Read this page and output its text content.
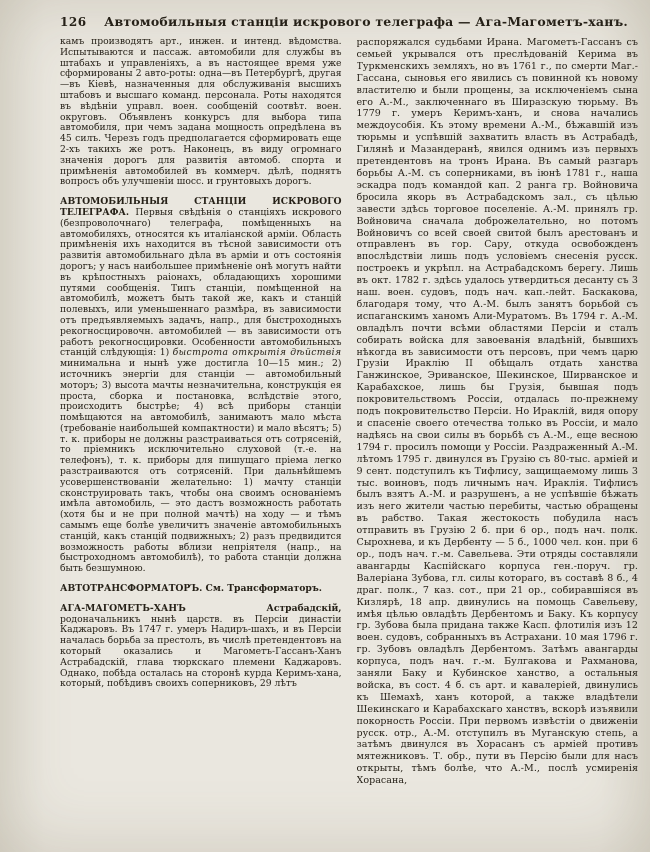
126	Автомобильныя станціи искрового телеграфа — Ага-Магометъ-ханъ.

камъ производятъ арт., инжен. и интенд. вѣдомства. Испытываются и пассаж. автомобили для службы въ штабахъ и управленіяхъ, а въ настоящее время уже сформированы 2 авто-роты: одна—въ Петербургѣ, другая—въ Кіевѣ, назначенныя для обслуживанія высшихъ штабовъ и высшаго команд. персонала. Роты находятся въ вѣдѣніи управл. воен. сообщеній соотвѣт. воен. округовъ. Объявленъ конкурсъ для выбора типа автомобиля, при чемъ задана мощность опредѣлена въ 45 силъ. Черезъ годъ предполагается сформировать еще 2-хъ такихъ же ротъ. Наконецъ, въ виду огромнаго значенія дорогъ для развитія автомоб. спорта и примѣненія автомобилей въ коммерч. дѣлѣ, поднятъ вопросъ объ улучшеніи шосс. и грунтовыхъ дорогъ.

АВТОМОБИЛЬНЫЯ СТАНЦІИ ИСКРОВОГО ТЕЛЕГРАФА. Первыя свѣдѣнія о станціяхъ искрового (безпроволочнаго) телеграфа, помѣщенныхъ на автомобиляхъ, относятся къ италіанской арміи. Область примѣненія ихъ находится въ тѣсной зависимости отъ развитія автомобильнаго дѣла въ арміи и отъ состоянія дорогъ; у насъ наибольшее примѣненіе онѣ могутъ найти въ крѣпостныхъ раіонахъ, обладающихъ хорошими путями сообщенія. Типъ станціи, помѣщенной на автомобилѣ, можетъ быть такой же, какъ и станцій полевыхъ, или уменьшеннаго размѣра, въ зависимости отъ предъявляемыхъ задачъ, напр., для быстроходныхъ рекогносцировочн. автомобилей — въ зависимости отъ работъ рекогносцировки. Особенности автомобильныхъ станцій слѣдующія: 1) быстрота открытія дѣйствія минимальна и нынѣ уже достигла 10—15 мин.; 2) источникъ энергіи для станціи — автомобильный моторъ; 3) высота мачты незначительна, конструкція ея проста, сборка и постановка, вслѣдствіе этого, происходитъ быстрѣе; 4) всѣ приборы станціи помѣщаются на автомобилѣ, занимаютъ мало мѣста (требованіе наибольшей компактности) и мало вѣсятъ; 5) т. к. приборы не должны разстраиваться отъ сотрясеній, то пріемникъ исключительно слуховой (т.-е. на телефонъ), т. к. приборы для пишущаго пріема легко разстраиваются отъ сотрясеній. При дальнѣйшемъ усовершенствованіи желательно: 1) мачту станціи сконструировать такъ, чтобы она своимъ основаніемъ имѣла автомобиль, — это дастъ возможность работать (хотя бы и не при полной мачтѣ) на ходу — и тѣмъ самымъ еще болѣе увеличитъ значеніе автомобильныхъ станцій, какъ станцій подвижныхъ; 2) разъ предвидится возможность работы вблизи непріятеля (напр., на быстроходномъ автомобилѣ), то работа станціи должна быть безшумною.

АВТОТРАНСФОРМАТОРЪ. См. Трансформаторъ.

АГА-МАГОМЕТЪ-ХАНЪ Астрабадскій, родоначальникъ нынѣ царств. въ Персіи династіи Каджаровъ. Въ 1747 г. умеръ Надиръ-шахъ, и въ Персіи началась борьба за престолъ, въ числѣ претендентовъ на который оказались и Магометъ-Гассанъ-Ханъ Астрабадскій, глава тюркскаго племени Каджаровъ. Однако, побѣда осталась на сторонѣ курда Керимъ-хана, который, побѣдивъ своихъ соперниковъ, 29 лѣтъ

распоряжался судьбами Ирана. Магометъ-Гассанъ съ семьей укрывался отъ преслѣдованій Керима въ Туркменскихъ земляхъ, но въ 1761 г., по смерти Маг.-Гассана, сыновья его явились съ повинной къ новому властителю и были прощены, за исключеніемъ сына его А.-М., заключеннаго въ Ширазскую тюрьму. Въ 1779 г. умеръ Керимъ-ханъ, и снова начались междоусобія. Къ этому времени А.-М., бѣжавшій изъ тюрьмы и успѣвшій захватить власть въ Астрабадѣ, Гилянѣ и Мазандеранѣ, явился однимъ изъ первыхъ претендентовъ на тронъ Ирана. Въ самый разгаръ борьбы А.-М. съ соперниками, въ іюнѣ 1781 г., наша эскадра подъ командой кап. 2 ранга гр. Войновича бросила якорь въ Астрабадскомъ зал., съ цѣлью завести здѣсь торговое поселеніе. А.-М. принялъ гр. Войновича сначала доброжелательно, но потомъ Войновичъ со всей своей свитой былъ арестованъ и отправленъ въ гор. Сару, откуда освобожденъ впослѣдствіи лишь подъ условіемъ снесенія русск. построекъ и укрѣпл. на Астрабадскомъ берегу. Лишь въ окт. 1782 г. здѣсь удалось утвердиться десанту съ 3 наш. воен. судовъ, подъ нач. кап.-лейт. Баскакова, благодаря тому, что А.-М. былъ занятъ борьбой съ испаганскимъ ханомъ Али-Муратомъ. Въ 1794 г. А.-М. овладѣлъ почти всѣми областями Персіи и сталъ собирать войска для завоеванія владѣній, бывшихъ нѣкогда въ зависимости отъ персовъ, при чемъ царю Грузіи Ираклію II обѣщалъ отдать ханства Ганжинское, Эриванское, Шекинское, Ширванское и Карабахское, лишь бы Грузія, бывшая подъ покровительствомъ Россіи, отдалась по-прежнему подъ покровительство Персіи. Но Ираклій, видя опору и спасеніе своего отечества только въ Россіи, и мало надѣясь на свои силы въ борьбѣ съ А.-М., еще весною 1794 г. просилъ помощи у Россіи. Раздраженный А.-М. лѣтомъ 1795 г. двинулся въ Грузію съ 80-тыс. арміей и 9 сент. подступилъ къ Тифлису, защищаемому лишь 3 тыс. воиновъ, подъ личнымъ нач. Ираклія. Тифлисъ былъ взятъ А.-М. и разрушенъ, а не успѣвшіе бѣжать изъ него жители частью перебиты, частью обращены въ рабство. Такая жестокость побудила насъ отправить въ Грузію 2 б. при 6 ор., подъ нач. полк. Сырохнева, и къ Дербенту — 5 б., 1000 чел. кон. при 6 ор., подъ нач. г.-м. Савельева. Эти отряды составляли авангарды Каспійскаго корпуса ген.-поруч. гр. Валеріана Зубова, гл. силы котораго, въ составѣ 8 б., 4 драг. полк., 7 каз. сот., при 21 ор., собиравшіяся въ Кизлярѣ, 18 апр. двинулись на помощь Савельеву, имѣя цѣлью овладѣть Дербентомъ и Баку. Къ корпусу гр. Зубова была придана также Касп. флотилія изъ 12 воен. судовъ, собранныхъ въ Астрахани. 10 мая 1796 г. гр. Зубовъ овладѣлъ Дербентомъ. Затѣмъ авангарды корпуса, подъ нач. г.-м. Булгакова и Рахманова, заняли Баку и Кубинское ханство, а остальныя войска, въ сост. 4 б. съ арт. и кавалеріей, двинулись къ Шемахѣ, ханъ которой, а также владѣтели Шекинскаго и Карабахскаго ханствъ, вскорѣ изъявили покорность Россіи. При первомъ извѣстіи о движеніи русск. отр., А.-М. отступилъ въ Муганскую степь, а затѣмъ двинулся въ Хорасанъ съ арміей противъ мятежниковъ. Т. обр., пути въ Персію были для насъ открыты, тѣмъ болѣе, что А.-М., послѣ усмиренія Хорасана,
